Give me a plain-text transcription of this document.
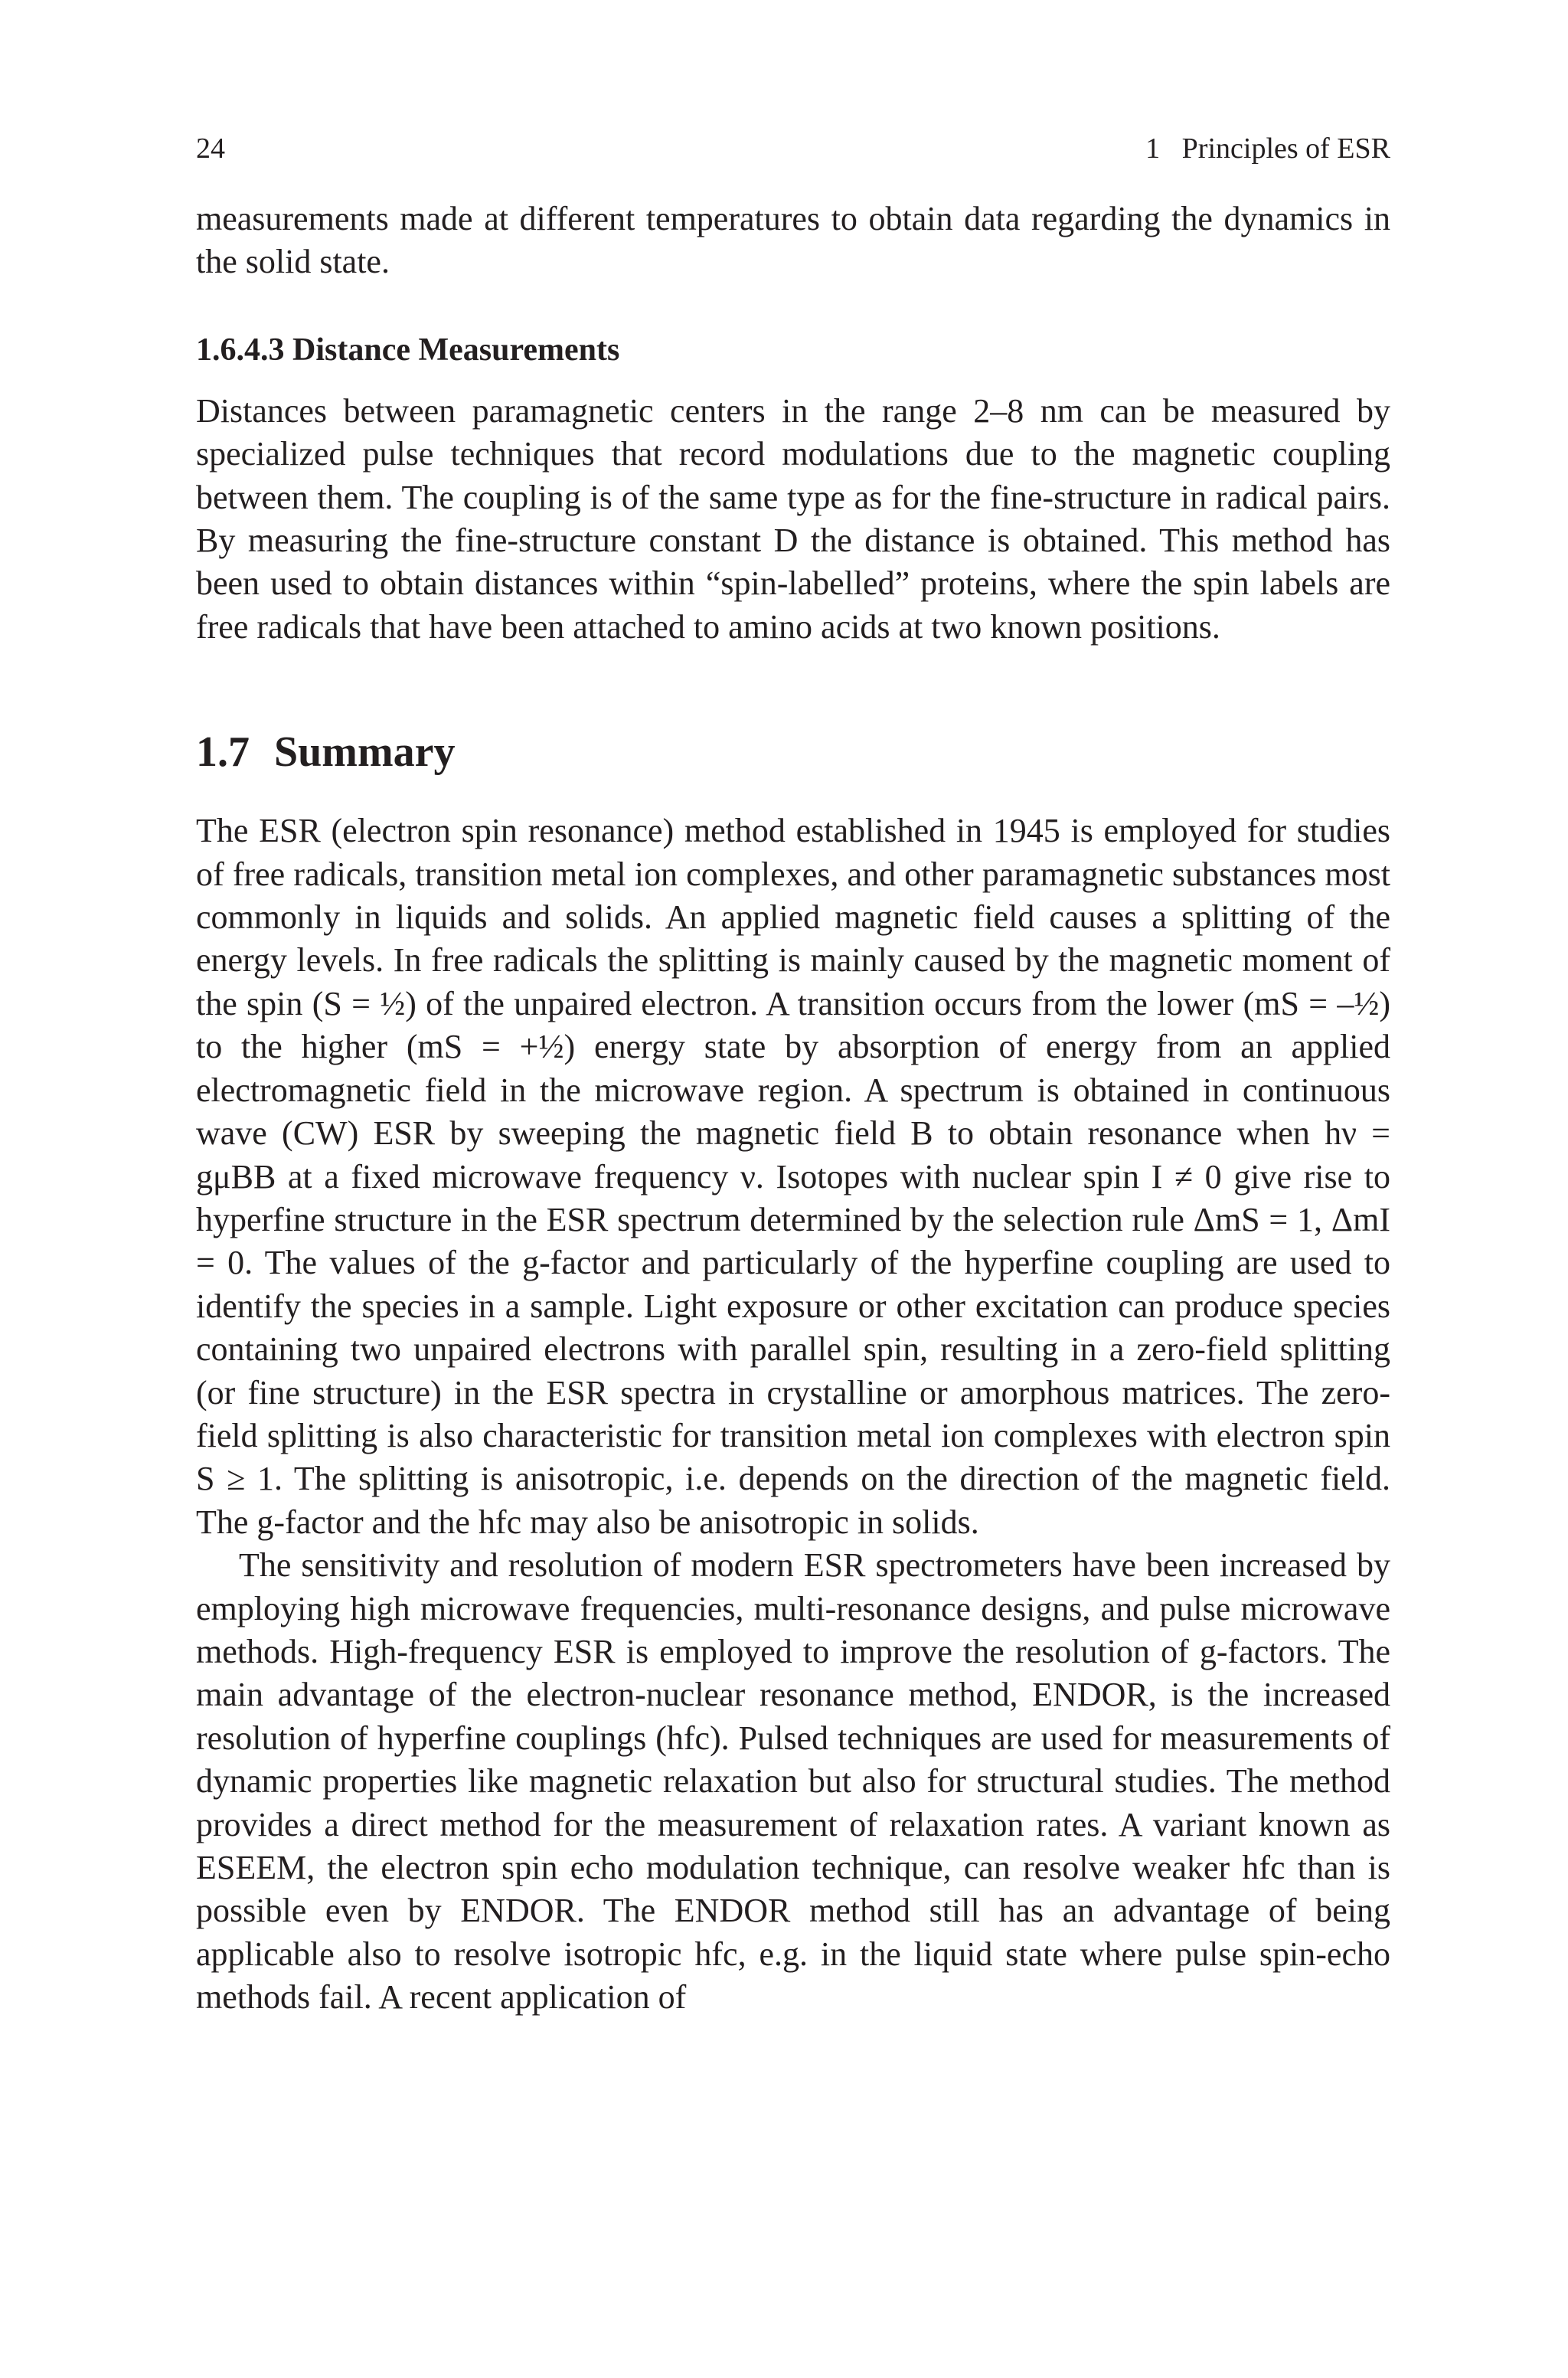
24	1   Principles of ESR

measurements made at different temperatures to obtain data regarding the dynamics in the solid state.

1.6.4.3 Distance Measurements

Distances between paramagnetic centers in the range 2–8 nm can be measured by specialized pulse techniques that record modulations due to the magnetic coupling between them. The coupling is of the same type as for the fine-structure in radical pairs. By measuring the fine-structure constant D the distance is obtained. This method has been used to obtain distances within “spin-labelled” proteins, where the spin labels are free radicals that have been attached to amino acids at two known positions.

1.7 Summary

The ESR (electron spin resonance) method established in 1945 is employed for studies of free radicals, transition metal ion complexes, and other paramagnetic substances most commonly in liquids and solids. An applied magnetic field causes a splitting of the energy levels. In free radicals the splitting is mainly caused by the magnetic moment of the spin (S = ½) of the unpaired electron. A transition occurs from the lower (mS = –½) to the higher (mS = +½) energy state by absorption of energy from an applied electromagnetic field in the microwave region. A spectrum is obtained in continuous wave (CW) ESR by sweeping the magnetic field B to obtain resonance when hν = gμBB at a fixed microwave frequency ν. Isotopes with nuclear spin I ≠ 0 give rise to hyperfine structure in the ESR spectrum determined by the selection rule ΔmS = 1, ΔmI = 0. The values of the g-factor and particularly of the hyperfine coupling are used to identify the species in a sample. Light exposure or other excitation can produce species containing two unpaired electrons with parallel spin, resulting in a zero-field splitting (or fine structure) in the ESR spectra in crystalline or amorphous matrices. The zero-field splitting is also characteristic for transition metal ion complexes with electron spin S ≥ 1. The splitting is anisotropic, i.e. depends on the direction of the magnetic field. The g-factor and the hfc may also be anisotropic in solids.

The sensitivity and resolution of modern ESR spectrometers have been increased by employing high microwave frequencies, multi-resonance designs, and pulse microwave methods. High-frequency ESR is employed to improve the resolution of g-factors. The main advantage of the electron-nuclear resonance method, ENDOR, is the increased resolution of hyperfine couplings (hfc). Pulsed techniques are used for measurements of dynamic properties like magnetic relaxation but also for structural studies. The method provides a direct method for the measurement of relaxation rates. A variant known as ESEEM, the electron spin echo modulation technique, can resolve weaker hfc than is possible even by ENDOR. The ENDOR method still has an advantage of being applicable also to resolve isotropic hfc, e.g. in the liquid state where pulse spin-echo methods fail. A recent application of
